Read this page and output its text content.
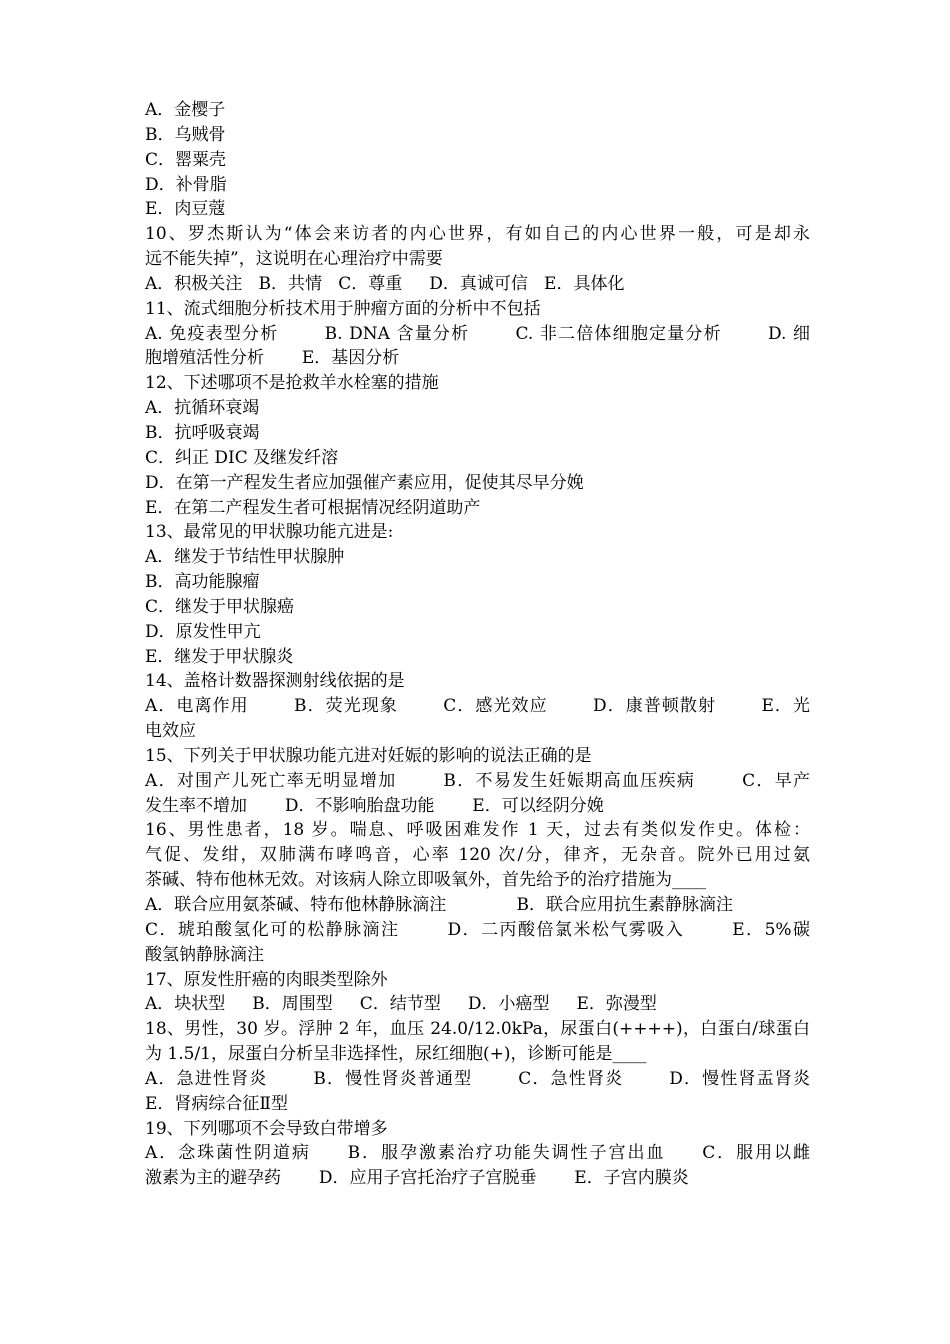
A．金樱子
B．乌贼骨
C．罂粟壳
D．补骨脂
E．肉豆蔻
10、罗杰斯认为“体会来访者的内心世界，有如自己的内心世界一般，可是却永
远不能失掉”，这说明在心理治疗中需要
A．积极关注   B．共情   C．尊重     D．真诚可信   E．具体化
11、流式细胞分析技术用于肿瘤方面的分析中不包括
A. 免疫表型分析       B. DNA 含量分析       C. 非二倍体细胞定量分析       D. 细
胞增殖活性分析       E．基因分析
12、下述哪项不是抢救羊水栓塞的措施
A．抗循环衰竭
B．抗呼吸衰竭
C．纠正 DIC 及继发纤溶
D．在第一产程发生者应加强催产素应用，促使其尽早分娩
E．在第二产程发生者可根据情况经阴道助产
13、最常见的甲状腺功能亢进是:
A．继发于节结性甲状腺肿
B．高功能腺瘤
C．继发于甲状腺癌
D．原发性甲亢
E．继发于甲状腺炎
14、盖格计数器探测射线依据的是
A．电离作用       B．荧光现象       C．感光效应       D．康普顿散射       E．光
电效应
15、下列关于甲状腺功能亢进对妊娠的影响的说法正确的是
A．对围产儿死亡率无明显增加       B．不易发生妊娠期高血压疾病       C．早产
发生率不增加       D．不影响胎盘功能       E．可以经阴分娩
16、男性患者，18 岁。喘息、呼吸困难发作 1 天，过去有类似发作史。体检：
气促、发绀，双肺满布哮鸣音，心率 120 次/分，律齐，无杂音。院外已用过氨
茶碱、特布他林无效。对该病人除立即吸氧外，首先给予的治疗措施为____
A．联合应用氨茶碱、特布他林静脉滴注             B．联合应用抗生素静脉滴注
C．琥珀酸氢化可的松静脉滴注       D．二丙酸倍氯米松气雾吸入       E．5%碳
酸氢钠静脉滴注
17、原发性肝癌的肉眼类型除外
A．块状型     B．周围型     C．结节型     D．小癌型     E．弥漫型
18、男性，30 岁。浮肿 2 年，血压 24.0/12.0kPa，尿蛋白(++++)，白蛋白/球蛋白
为 1.5/1，尿蛋白分析呈非选择性，尿红细胞(+)，诊断可能是____
A．急进性肾炎       B．慢性肾炎普通型       C．急性肾炎       D．慢性肾盂肾炎
E．肾病综合征Ⅱ型
19、下列哪项不会导致白带增多
A．念珠菌性阴道病     B．服孕激素治疗功能失调性子宫出血     C．服用以雌
激素为主的避孕药       D．应用子宫托治疗子宫脱垂       E．子宫内膜炎
